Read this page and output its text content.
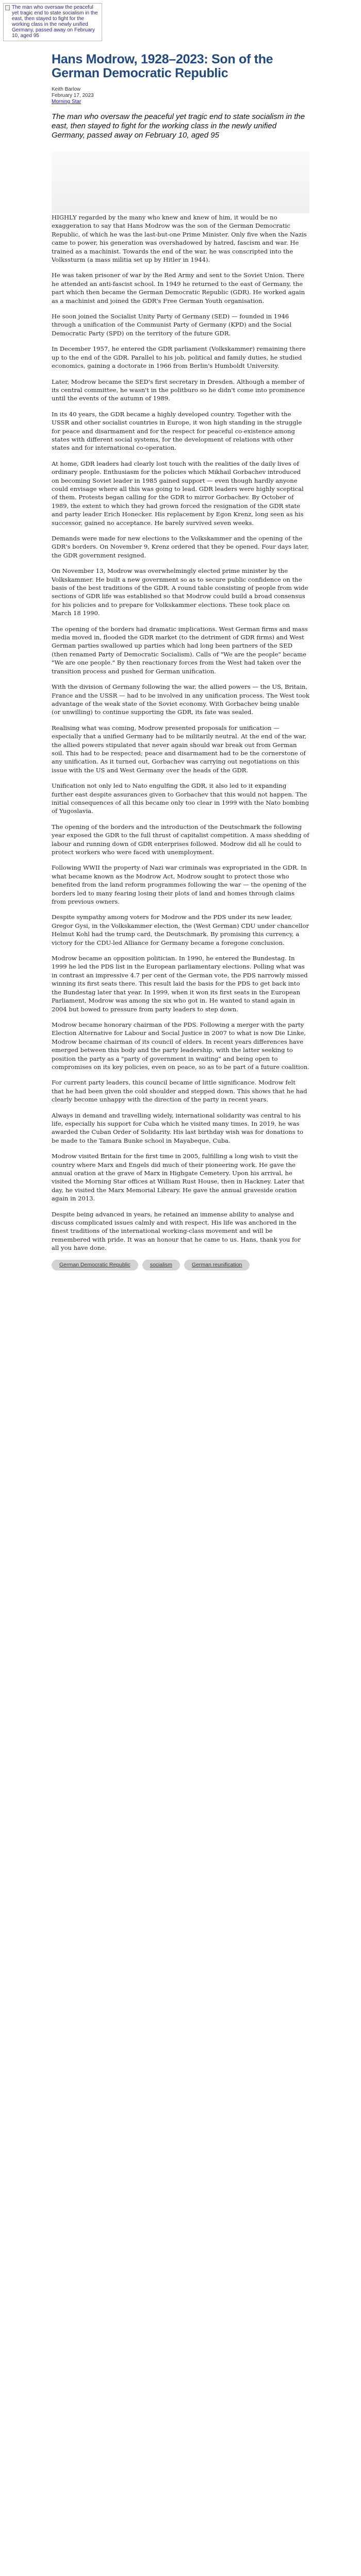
The man who oversaw the peaceful yet tragic end to state socialism in the east, then stayed to fight for the working class in the newly unified Germany, passed away on February 10, aged 95
Hans Modrow, 1928–2023: Son of the German Democratic Republic
Keith Barlow
February 17, 2023
Morning Star

The man who oversaw the peaceful yet tragic end to state socialism in the east, then stayed to fight for the working class in the newly unified Germany, passed away on February 10, aged 95

HIGHLY regarded by the many who knew and knew of him, it would be no exaggeration to say that Hans Modrow was the son of the German Democratic Republic, of which he was the last-but-one Prime Minister. Only five when the Nazis came to power, his generation was overshadowed by hatred, fascism and war. He trained as a machinist. Towards the end of the war, he was conscripted into the Volkssturm (a mass militia set up by Hitler in 1944).

He was taken prisoner of war by the Red Army and sent to the Soviet Union. There he attended an anti-fascist school. In 1949 he returned to the east of Germany, the part which then became the German Democratic Republic (GDR). He worked again as a machinist and joined the GDR's Free German Youth organisation.

He soon joined the Socialist Unity Party of Germany (SED) — founded in 1946 through a unification of the Communist Party of Germany (KPD) and the Social Democratic Party (SPD) on the territory of the future GDR.

In December 1957, he entered the GDR parliament (Volkskammer) remaining there up to the end of the GDR. Parallel to his job, political and family duties, he studied economics, gaining a doctorate in 1966 from Berlin's Humboldt University.

Later, Modrow became the SED's first secretary in Dresden. Although a member of its central committee, he wasn't in the politburo so he didn't come into prominence until the events of the autumn of 1989.

In its 40 years, the GDR became a highly developed country. Together with the USSR and other socialist countries in Europe, it won high standing in the struggle for peace and disarmament and for the respect for peaceful co-existence among states with different social systems, for the development of relations with other states and for international co-operation.

At home, GDR leaders had clearly lost touch with the realities of the daily lives of ordinary people. Enthusiasm for the policies which Mikhail Gorbachev introduced on becoming Soviet leader in 1985 gained support — even though hardly anyone could envisage where all this was going to lead. GDR leaders were highly sceptical of them. Protests began calling for the GDR to mirror Gorbachev. By October of 1989, the extent to which they had grown forced the resignation of the GDR state and party leader Erich Honecker. His replacement by Egon Krenz, long seen as his successor, gained no acceptance. He barely survived seven weeks.

Demands were made for new elections to the Volkskammer and the opening of the GDR's borders. On November 9, Krenz ordered that they be opened. Four days later, the GDR government resigned.

On November 13, Modrow was overwhelmingly elected prime minister by the Volkskammer. He built a new government so as to secure public confidence on the basis of the best traditions of the GDR. A round table consisting of people from wide sections of GDR life was established so that Modrow could build a broad consensus for his policies and to prepare for Volkskammer elections. These took place on March 18 1990.

The opening of the borders had dramatic implications. West German firms and mass media moved in, flooded the GDR market (to the detriment of GDR firms) and West German parties swallowed up parties which had long been partners of the SED (then renamed Party of Democratic Socialism). Calls of "We are the people" became "We are one people." By then reactionary forces from the West had taken over the transition process and pushed for German unification.

With the division of Germany following the war, the allied powers — the US, Britain, France and the USSR — had to be involved in any unification process. The West took advantage of the weak state of the Soviet economy. With Gorbachev being unable (or unwilling) to continue supporting the GDR, its fate was sealed.

Realising what was coming, Modrow presented proposals for unification — especially that a unified Germany had to be militarily neutral. At the end of the war, the allied powers stipulated that never again should war break out from German soil. This had to be respected; peace and disarmament had to be the cornerstone of any unification. As it turned out, Gorbachev was carrying out negotiations on this issue with the US and West Germany over the heads of the GDR.

Unification not only led to Nato engulfing the GDR, it also led to it expanding further east despite assurances given to Gorbachev that this would not happen. The initial consequences of all this became only too clear in 1999 with the Nato bombing of Yugoslavia.

The opening of the borders and the introduction of the Deutschmark the following year exposed the GDR to the full thrust of capitalist competition. A mass shedding of labour and running down of GDR enterprises followed. Modrow did all he could to protect workers who were faced with unemployment.

Following WWII the property of Nazi war criminals was expropriated in the GDR. In what became known as the Modrow Act, Modrow sought to protect those who benefited from the land reform programmes following the war — the opening of the borders led to many fearing losing their plots of land and homes through claims from previous owners.

Despite sympathy among voters for Modrow and the PDS under its new leader, Gregor Gysi, in the Volkskammer election, the (West German) CDU under chancellor Helmut Kohl had the trump card, the Deutschmark. By promising this currency, a victory for the CDU-led Alliance for Germany became a foregone conclusion.

Modrow became an opposition politician. In 1990, he entered the Bundestag. In 1999 he led the PDS list in the European parliamentary elections. Polling what was in contrast an impressive 4.7 per cent of the German vote, the PDS narrowly missed winning its first seats there. This result laid the basis for the PDS to get back into the Bundestag later that year. In 1999, when it won its first seats in the European Parliament, Modrow was among the six who got in. He wanted to stand again in 2004 but bowed to pressure from party leaders to step down.

Modrow became honorary chairman of the PDS. Following a merger with the party Election Alternative for Labour and Social Justice in 2007 to what is now Die Linke, Modrow became chairman of its council of elders. In recent years differences have emerged between this body and the party leadership, with the latter seeking to position the party as a "party of government in waiting" and being open to compromises on its key policies, even on peace, so as to be part of a future coalition.

For current party leaders, this council became of little significance. Modrow felt that he had been given the cold shoulder and stepped down. This shows that he had clearly become unhappy with the direction of the party in recent years.

Always in demand and travelling widely, international solidarity was central to his life, especially his support for Cuba which he visited many times. In 2019, he was awarded the Cuban Order of Solidarity. His last birthday wish was for donations to be made to the Tamara Bunke school in Mayabeque, Cuba.

Modrow visited Britain for the first time in 2005, fulfilling a long wish to visit the country where Marx and Engels did much of their pioneering work. He gave the annual oration at the grave of Marx in Highgate Cemetery. Upon his arrival, he visited the Morning Star offices at William Rust House, then in Hackney. Later that day, he visited the Marx Memorial Library. He gave the annual graveside oration again in 2013.

Despite being advanced in years, he retained an immense ability to analyse and discuss complicated issues calmly and with respect. His life was anchored in the finest traditions of the international working-class movement and will be remembered with pride. It was an honour that he came to us. Hans, thank you for all you have done.

German Democratic Republic	socialism	German reunification
